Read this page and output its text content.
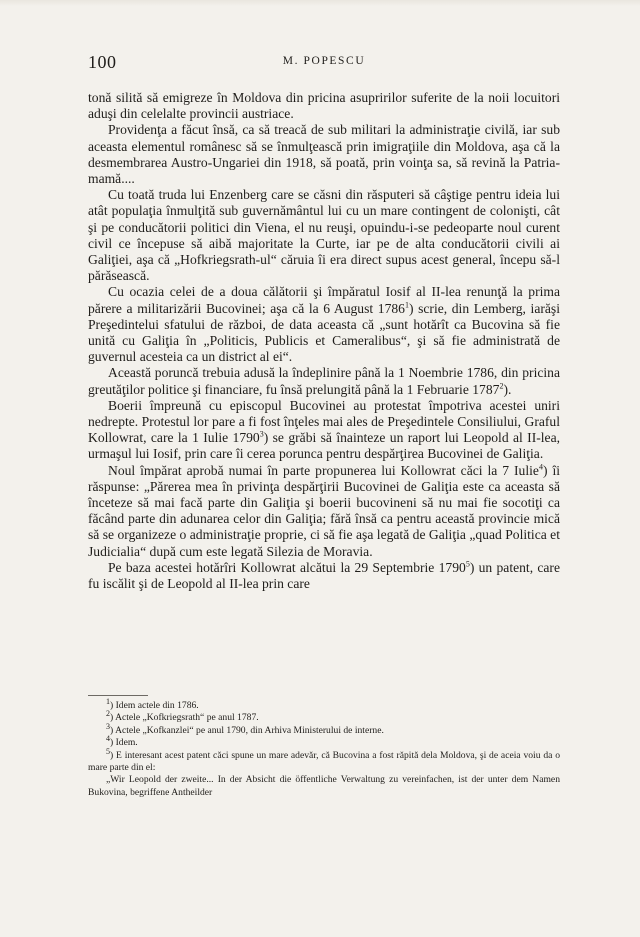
100	M. POPESCU

tonă silită să emigreze în Moldova din pricina asupririlor suferite de la noii locuitori aduşi din celelalte provincii austriace.

Providenţa a făcut însă, ca să treacă de sub militari la administraţie civilă, iar sub aceasta elementul românesc să se înmulţească prin imigraţiile din Moldova, aşa că la desmembrarea Austro-Ungariei din 1918, să poată, prin voinţa sa, să revină la Patria-mamă....

Cu toată truda lui Enzenberg care se căsni din răsputeri să câştige pentru ideia lui atât populaţia înmulţită sub guvernământul lui cu un mare contingent de colonişti, cât şi pe conducătorii politici din Viena, el nu reuşi, opuindu-i-se pedeoparte noul curent civil ce începuse să aibă majoritate la Curte, iar pe de alta conducătorii civili ai Galiţiei, aşa că „Hofkriegsrath-ul“ căruia îi era direct supus acest general, începu să-l părăsească.

Cu ocazia celei de a doua călătorii şi împăratul Iosif al II-lea renunţă la prima părere a militarizării Bucovinei; aşa că la 6 August 1786$^1$) scrie, din Lemberg, iarăşi Preşedintelui sfatului de război, de data aceasta că „sunt hotărît ca Bucovina să fie unită cu Galiţia în „Politicis, Publicis et Cameralibus“, şi să fie administrată de guvernul acesteia ca un district al ei“.

Această poruncă trebuia adusă la îndeplinire până la 1 Noembrie 1786, din pricina greutăţilor politice şi financiare, fu însă prelungită până la 1 Februarie 1787$^2$).

Boerii împreună cu episcopul Bucovinei au protestat împotriva acestei uniri nedrepte. Protestul lor pare a fi fost înţeles mai ales de Preşedintele Consiliului, Graful Kollowrat, care la 1 Iulie 1790$^3$) se grăbi să înainteze un raport lui Leopold al II-lea, urmaşul lui Iosif, prin care îi cerea porunca pentru despărţirea Bucovinei de Galiţia.

Noul împărat aprobă numai în parte propunerea lui Kollowrat căci la 7 Iulie$^4$) îi răspunse: „Părerea mea în privinţa despărţirii Bucovinei de Galiţia este ca aceasta să înceteze să mai facă parte din Galiţia şi boerii bucovineni să nu mai fie socotiţi ca făcând parte din adunarea celor din Galiţia; fără însă ca pentru această provincie mică să se organizeze o administraţie proprie, ci să fie aşa legată de Galiţia „quad Politica et Judicialia“ după cum este legată Silezia de Moravia.

Pe baza acestei hotărîri Kollowrat alcătui la 29 Septembrie 1790$^5$) un patent, care fu iscălit şi de Leopold al II-lea prin care

$^1$) Idem actele din 1786.

$^2$) Actele „Kofkriegsrath“ pe anul 1787.

$^3$) Actele „Kofkanzlei“ pe anul 1790, din Arhiva Ministerului de interne.

$^4$) Idem.

$^5$) E interesant acest patent căci spune un mare adevăr, că Bucovina a fost răpită dela Moldova, şi de aceia voiu da o mare parte din el:

„Wir Leopold der zweite... In der Absicht die öffentliche Verwaltung zu vereinfachen, ist der unter dem Namen Bukovina, begriffene Antheilder
